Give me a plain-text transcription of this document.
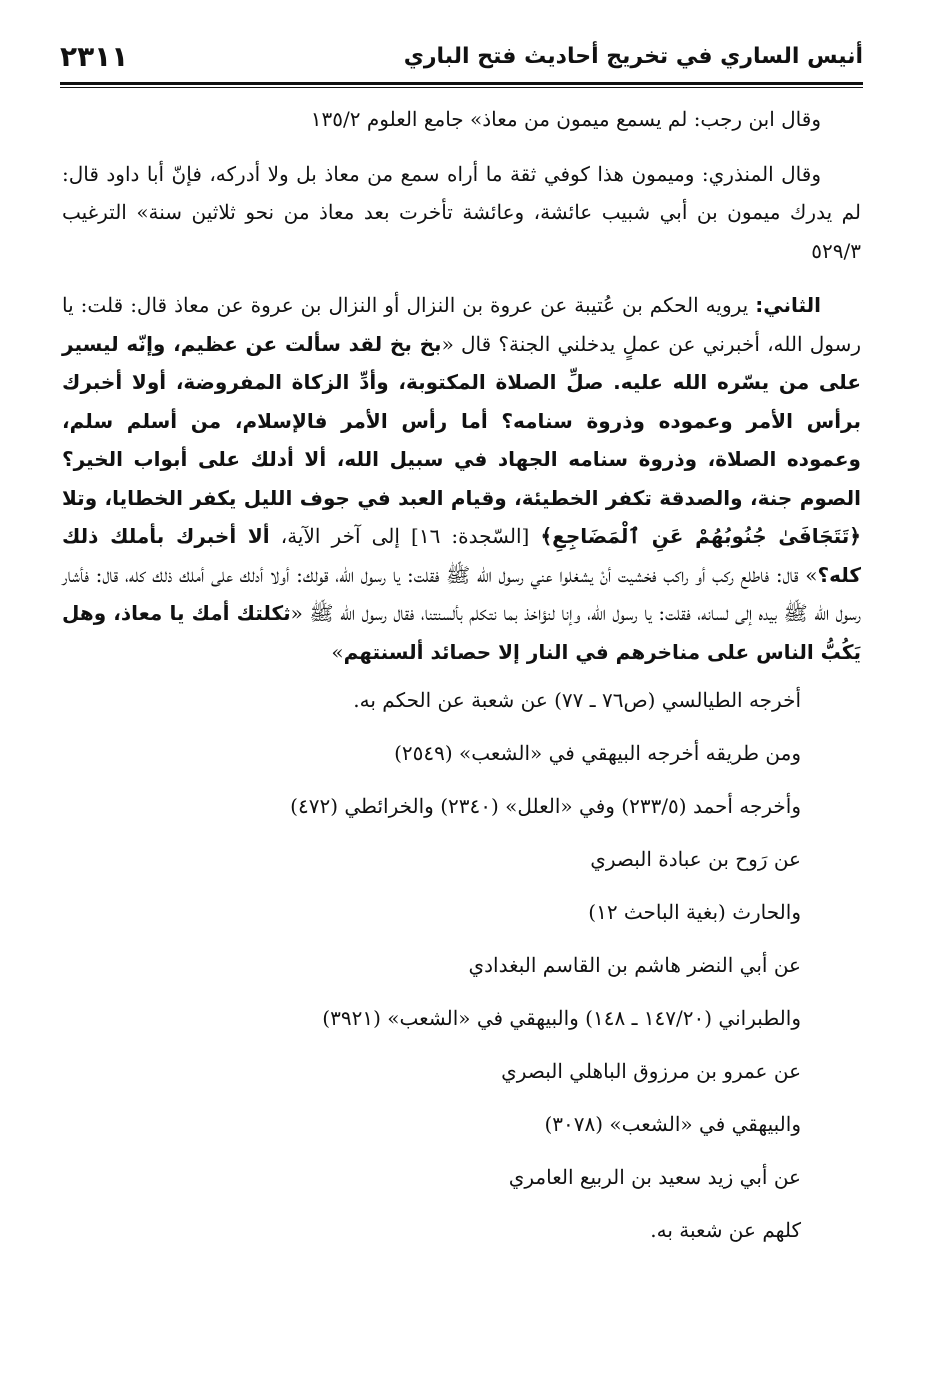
٢٣١١	أنيس الساري في تخريج أحاديث فتح الباري

وقال ابن رجب: لم يسمع ميمون من معاذ» جامع العلوم ١٣٥/٢

وقال المنذري: وميمون هذا كوفي ثقة ما أراه سمع من معاذ بل ولا أدركه، فإنّ أبا داود قال: لم يدرك ميمون بن أبي شبيب عائشة، وعائشة تأخرت بعد معاذ من نحو ثلاثين سنة» الترغيب ٥٢٩/٣

الثاني: يرويه الحكم بن عُتيبة عن عروة بن النزال أو النزال بن عروة عن معاذ قال: قلت: يا رسول الله، أخبرني عن عملٍ يدخلني الجنة؟ قال «بخ بخ لقد سألت عن عظيم، وإنّه ليسير على من يسّره الله عليه. صلِّ الصلاة المكتوبة، وأدِّ الزكاة المفروضة، أولا أخبرك برأس الأمر وعموده وذروة سنامه؟ أما رأس الأمر فالإسلام، من أسلم سلم، وعموده الصلاة، وذروة سنامه الجهاد في سبيل الله، ألا أدلك على أبواب الخير؟ الصوم جنة، والصدقة تكفر الخطيئة، وقيام العبد في جوف الليل يكفر الخطايا، وتلا ﴿تَتَجَافَىٰ جُنُوبُهُمْ عَنِ ٱلْمَضَاجِعِ﴾ [السّجدة: ١٦] إلى آخر الآية، ألا أخبرك بأملك ذلك كله؟» قال: فاطلع ركب أو راكب فخشيت أنْ يشغلوا عني رسول الله ﷺ فقلت: يا رسول الله، قولك: أولا أدلك على أملك ذلك كله، قال: فأشار رسول الله ﷺ بيده إلى لسانه، فقلت: يا رسول الله، وإنا لنؤاخذ بما نتكلم بألسنتنا، فقال رسول الله ﷺ «ثكلتك أمك يا معاذ، وهل يَكُبُّ الناس على مناخرهم في النار إلا حصائد ألسنتهم»

أخرجه الطيالسي (ص٧٦ ـ ٧٧) عن شعبة عن الحكم به.

ومن طريقه أخرجه البيهقي في «الشعب» (٢٥٤٩)

وأخرجه أحمد (٢٣٣/٥) وفي «العلل» (٢٣٤٠) والخرائطي (٤٧٢)

عن رَوح بن عبادة البصري

والحارث (بغية الباحث ١٢)

عن أبي النضر هاشم بن القاسم البغدادي

والطبراني (١٤٧/٢٠ ـ ١٤٨) والبيهقي في «الشعب» (٣٩٢١)

عن عمرو بن مرزوق الباهلي البصري

والبيهقي في «الشعب» (٣٠٧٨)

عن أبي زيد سعيد بن الربيع العامري

كلهم عن شعبة به.
